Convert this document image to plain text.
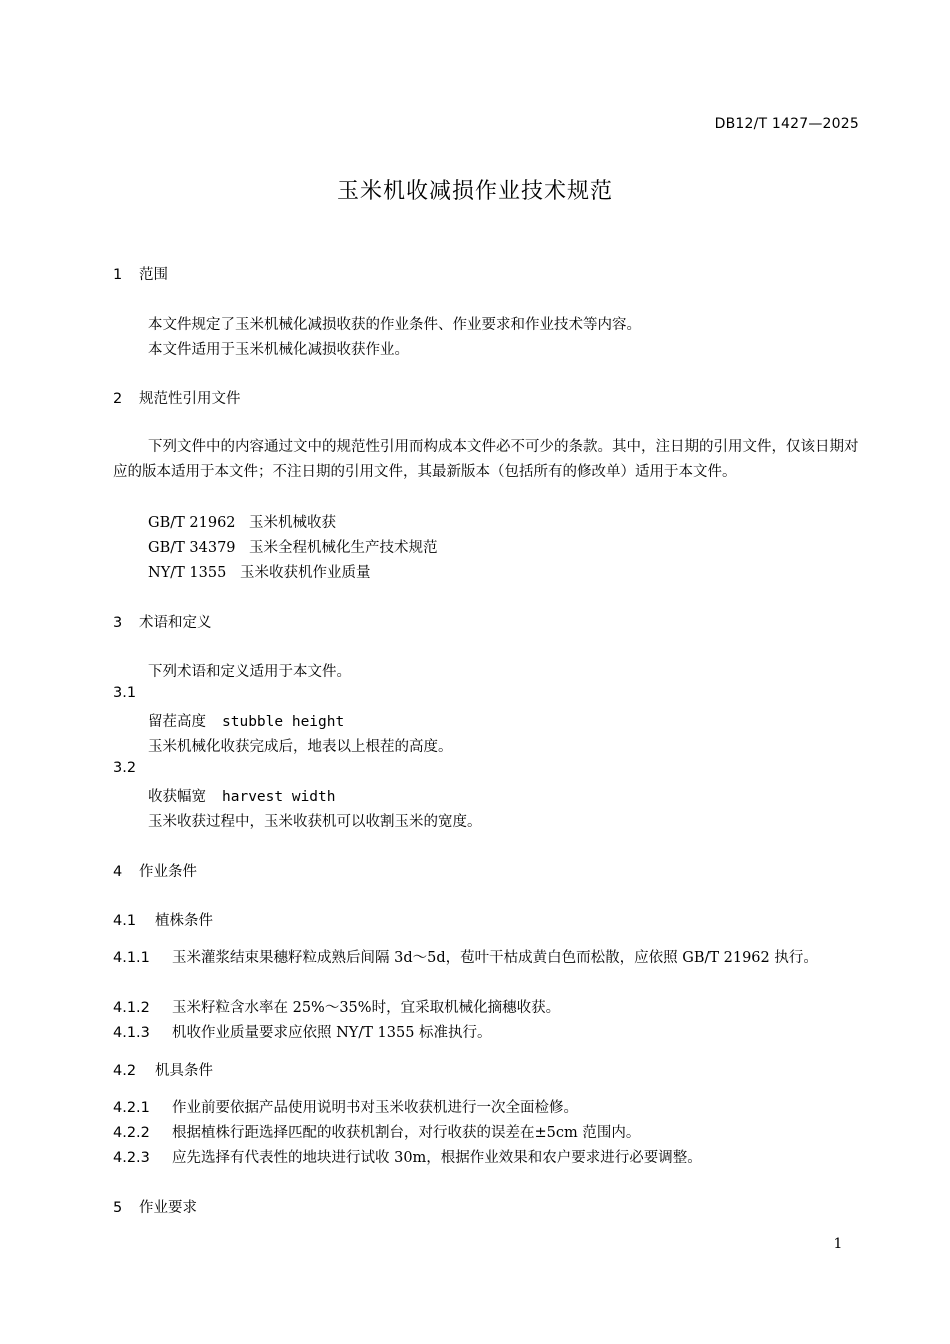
DB12/T 1427—2025
玉米机收减损作业技术规范
1 范围
本文件规定了玉米机械化减损收获的作业条件、作业要求和作业技术等内容。
本文件适用于玉米机械化减损收获作业。
2 规范性引用文件
下列文件中的内容通过文中的规范性引用而构成本文件必不可少的条款。其中，注日期的引用文件，仅该日期对应的版本适用于本文件；不注日期的引用文件，其最新版本（包括所有的修改单）适用于本文件。
GB/T 21962 玉米机械收获
GB/T 34379 玉米全程机械化生产技术规范
NY/T 1355 玉米收获机作业质量
3 术语和定义
下列术语和定义适用于本文件。
3.1
留茬高度 stubble height
玉米机械化收获完成后，地表以上根茬的高度。
3.2
收获幅宽 harvest width
玉米收获过程中，玉米收获机可以收割玉米的宽度。
4 作业条件
4.1 植株条件
4.1.1 玉米灌浆结束果穗籽粒成熟后间隔 3d～5d，苞叶干枯成黄白色而松散，应依照 GB/T 21962 执行。
4.1.2 玉米籽粒含水率在 25%～35%时，宜采取机械化摘穗收获。
4.1.3 机收作业质量要求应依照 NY/T 1355 标准执行。
4.2 机具条件
4.2.1 作业前要依据产品使用说明书对玉米收获机进行一次全面检修。
4.2.2 根据植株行距选择匹配的收获机割台，对行收获的误差在±5cm 范围内。
4.2.3 应先选择有代表性的地块进行试收 30m，根据作业效果和农户要求进行必要调整。
5 作业要求
1
